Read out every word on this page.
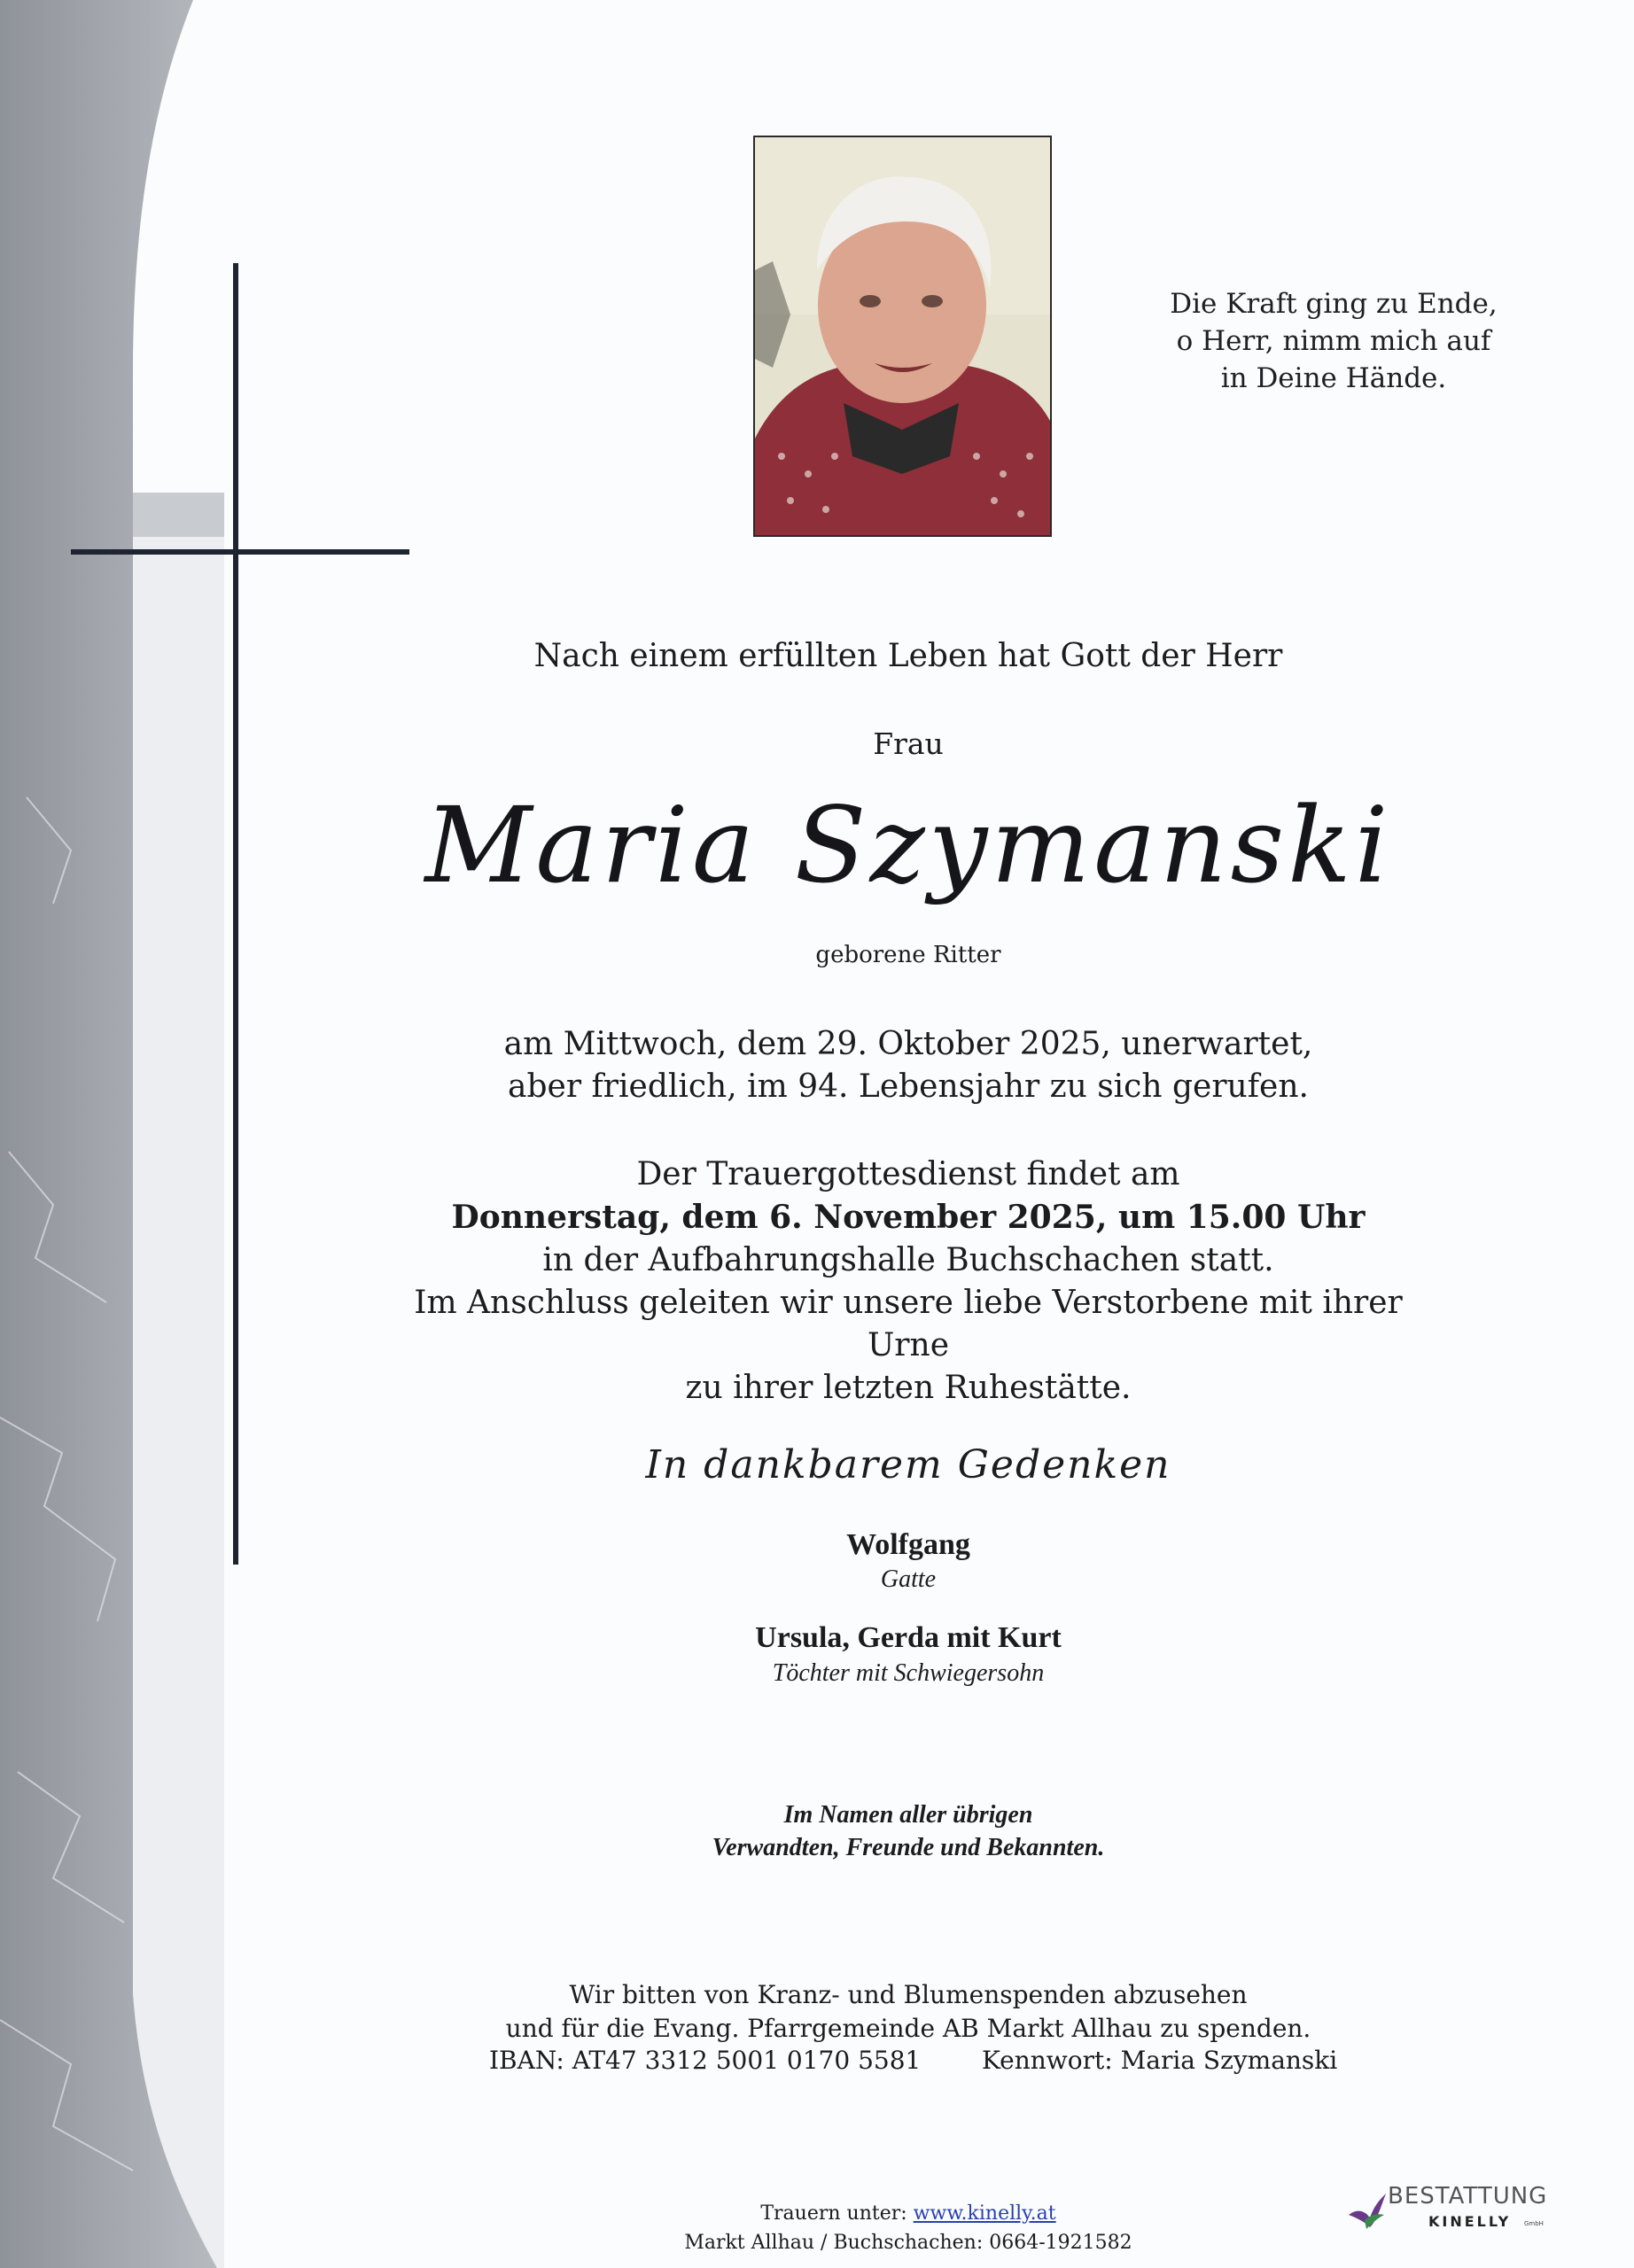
Die Kraft ging zu Ende,
o Herr, nimm mich auf
in Deine Hände.
Nach einem erfüllten Leben hat Gott der Herr
Frau
Maria Szymanski
geborene Ritter
am Mittwoch, dem 29. Oktober 2025, unerwartet,
aber friedlich, im 94. Lebensjahr zu sich gerufen.
Der Trauergottesdienst findet am
Donnerstag, dem 6. November 2025, um 15.00 Uhr
in der Aufbahrungshalle Buchschachen statt.
Im Anschluss geleiten wir unsere liebe Verstorbene mit ihrer Urne
zu ihrer letzten Ruhestätte.
In dankbarem Gedenken
Wolfgang
Gatte
Ursula, Gerda mit Kurt
Töchter mit Schwiegersohn
Im Namen aller übrigen
Verwandten, Freunde und Bekannten.
Wir bitten von Kranz- und Blumenspenden abzusehen
und für die Evang. Pfarrgemeinde AB Markt Allhau zu spenden.
IBAN: AT47 3312 5001 0170 5581 Kennwort: Maria Szymanski
Trauern unter: www.kinelly.at
Markt Allhau / Buchschachen: 0664-1921582
BESTATTUNG
KINELLY GmbH
